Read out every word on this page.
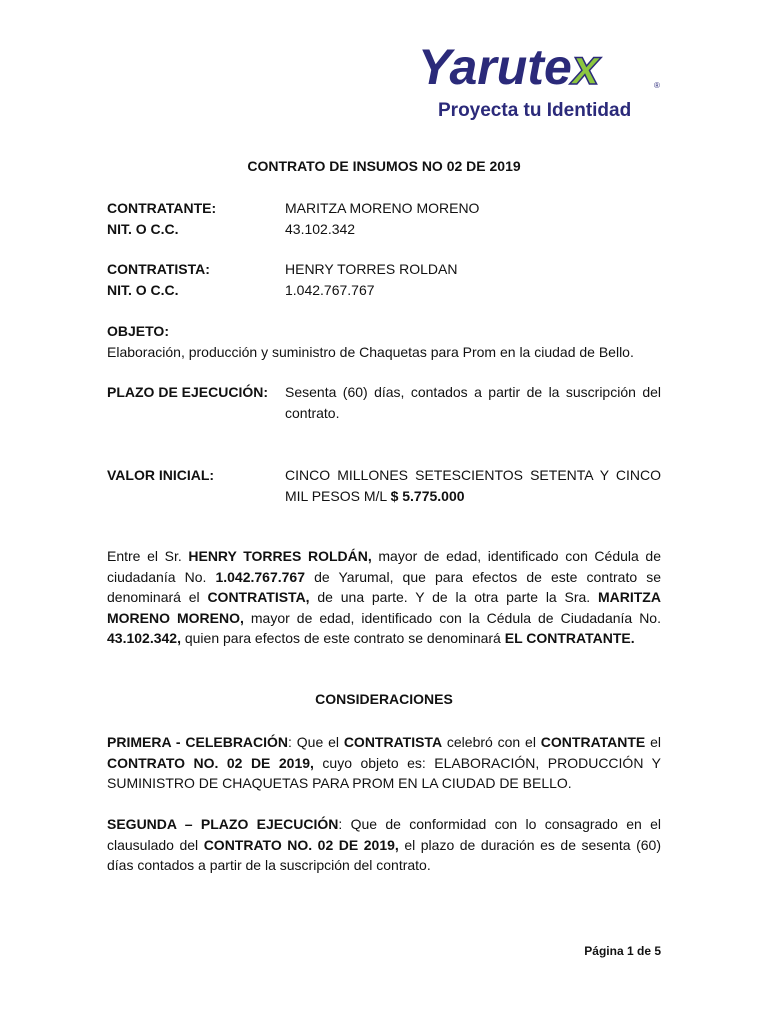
Yarutex	®
Proyecta tu Identidad
CONTRATO DE INSUMOS NO 02 DE 2019
CONTRATANTE:	MARITZA MORENO MORENO
NIT. O C.C.	43.102.342
CONTRATISTA:	HENRY TORRES ROLDAN
NIT. O C.C.	1.042.767.767
OBJETO:
Elaboración, producción y suministro de Chaquetas para Prom en la ciudad de Bello.
PLAZO DE EJECUCIÓN: Sesenta (60) días, contados a partir de la suscripción del contrato.
VALOR INICIAL:	CINCO MILLONES SETESCIENTOS SETENTA Y CINCO MIL PESOS M/L $ 5.775.000
Entre el Sr. HENRY TORRES ROLDÁN, mayor de edad, identificado con Cédula de ciudadanía No. 1.042.767.767 de Yarumal, que para efectos de este contrato se denominará el CONTRATISTA, de una parte. Y de la otra parte la Sra. MARITZA MORENO MORENO, mayor de edad, identificado con la Cédula de Ciudadanía No. 43.102.342, quien para efectos de este contrato se denominará EL CONTRATANTE.
CONSIDERACIONES
PRIMERA - CELEBRACIÓN: Que el CONTRATISTA celebró con el CONTRATANTE el CONTRATO NO. 02 DE 2019, cuyo objeto es: ELABORACIÓN, PRODUCCIÓN Y SUMINISTRO DE CHAQUETAS PARA PROM EN LA CIUDAD DE BELLO.
SEGUNDA – PLAZO EJECUCIÓN: Que de conformidad con lo consagrado en el clausulado del CONTRATO NO. 02 DE 2019, el plazo de duración es de sesenta (60) días contados a partir de la suscripción del contrato.
Página 1 de 5
